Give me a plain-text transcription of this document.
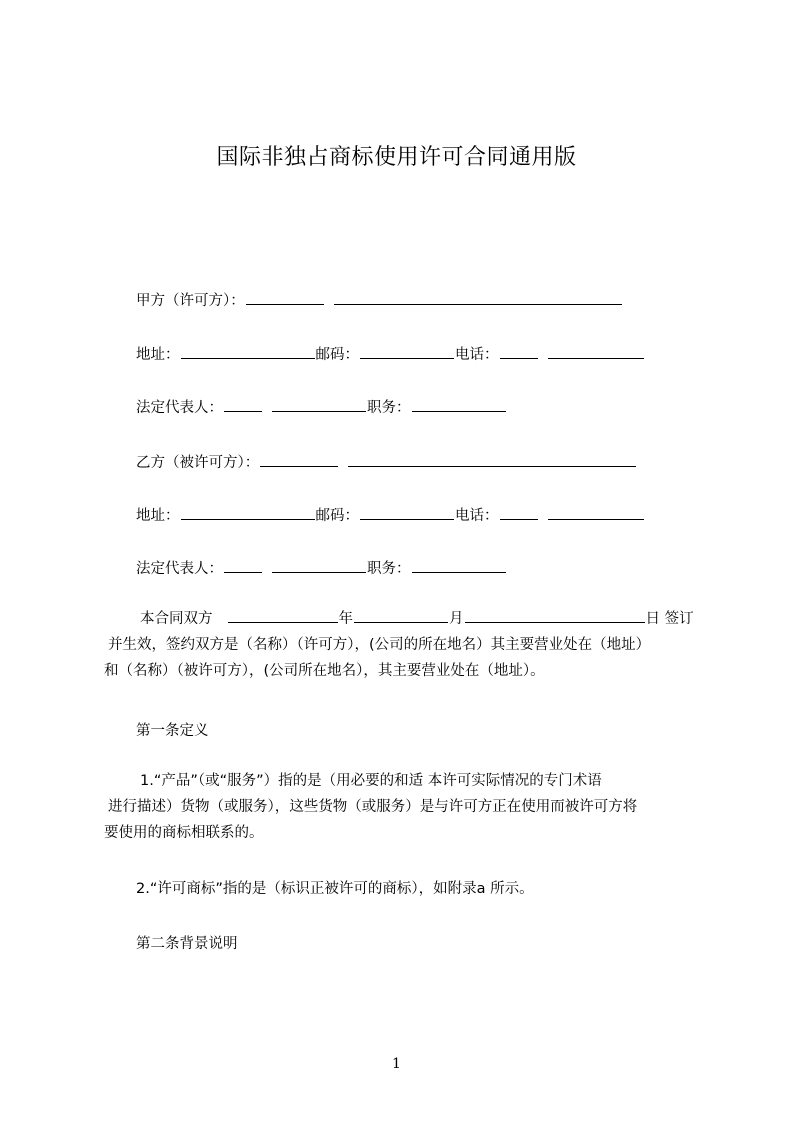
国际非独占商标使用许可合同通用版
甲方（许可方）：
地址：	邮码：	电话：
法定代表人：	职务：
乙方（被许可方）：
地址：	邮码：	电话：
法定代表人：	职务：
本合同双方	年	月	日 签订
并生效，签约双方是（名称）（许可方），(公司的所在地名）其主要营业处在（地址）
和（名称）（被许可方），(公司所在地名），其主要营业处在（地址）。
第一条定义
1.“产品”（或“服务”）指的是（用必要的和适 本许可实际情况的专门术语
进行描述）货物（或服务），这些货物（或服务）是与许可方正在使用而被许可方将
要使用的商标相联系的。
2.“许可商标”指的是（标识正被许可的商标），如附录a 所示。
第二条背景说明
1
